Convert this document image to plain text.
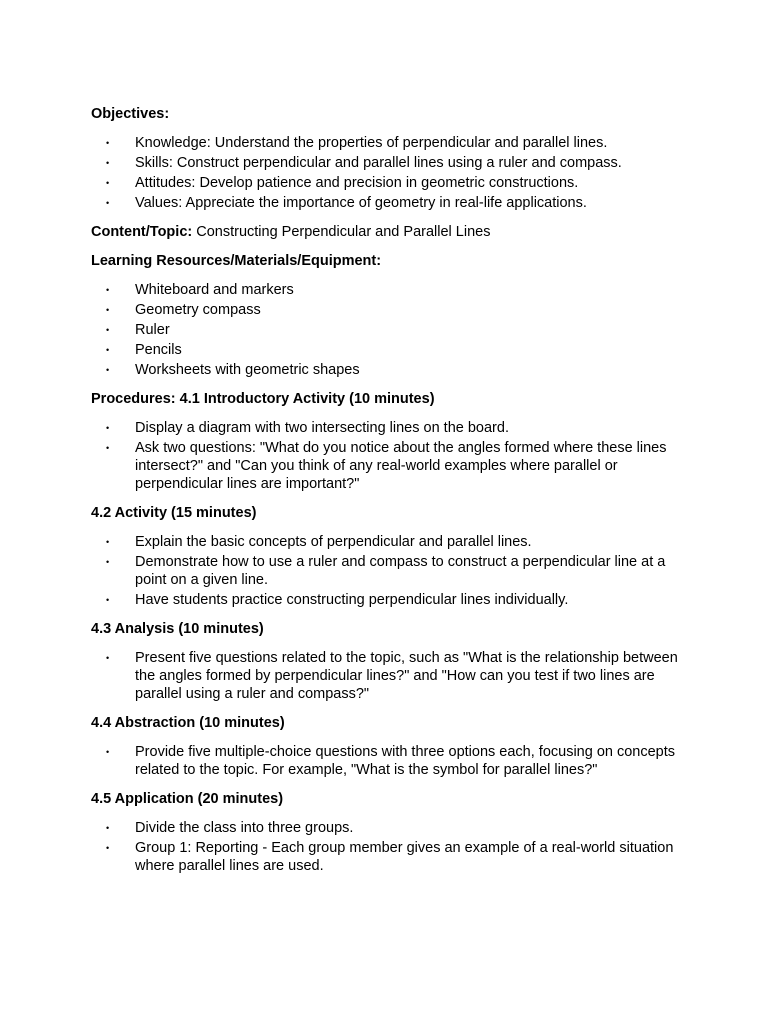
Objectives:
• Knowledge: Understand the properties of perpendicular and parallel lines.
• Skills: Construct perpendicular and parallel lines using a ruler and compass.
• Attitudes: Develop patience and precision in geometric constructions.
• Values: Appreciate the importance of geometry in real-life applications.
Content/Topic: Constructing Perpendicular and Parallel Lines
Learning Resources/Materials/Equipment:
• Whiteboard and markers
• Geometry compass
• Ruler
• Pencils
• Worksheets with geometric shapes
Procedures: 4.1 Introductory Activity (10 minutes)
• Display a diagram with two intersecting lines on the board.
• Ask two questions: "What do you notice about the angles formed where these lines intersect?" and "Can you think of any real-world examples where parallel or perpendicular lines are important?"
4.2 Activity (15 minutes)
• Explain the basic concepts of perpendicular and parallel lines.
• Demonstrate how to use a ruler and compass to construct a perpendicular line at a point on a given line.
• Have students practice constructing perpendicular lines individually.
4.3 Analysis (10 minutes)
• Present five questions related to the topic, such as "What is the relationship between the angles formed by perpendicular lines?" and "How can you test if two lines are parallel using a ruler and compass?"
4.4 Abstraction (10 minutes)
• Provide five multiple-choice questions with three options each, focusing on concepts related to the topic. For example, "What is the symbol for parallel lines?"
4.5 Application (20 minutes)
• Divide the class into three groups.
• Group 1: Reporting - Each group member gives an example of a real-world situation where parallel lines are used.
